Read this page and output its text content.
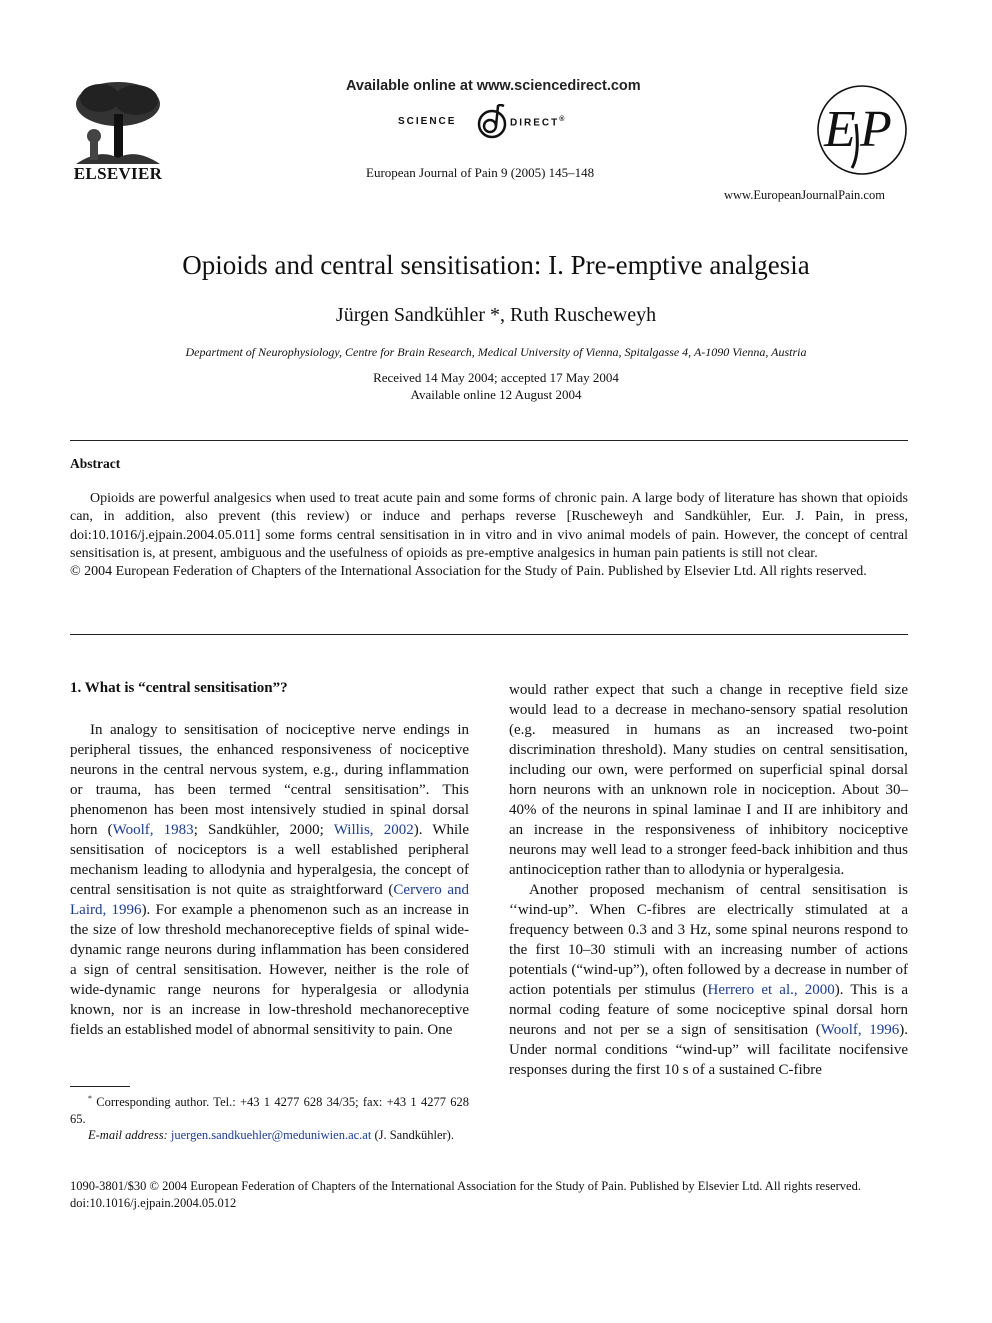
ELSEVIER
Available online at www.sciencedirect.com
SCIENCE	DIRECT®
European Journal of Pain 9 (2005) 145–148
E P
www.EuropeanJournalPain.com
Opioids and central sensitisation: I. Pre-emptive analgesia
Jürgen Sandkühler *, Ruth Ruscheweyh
Department of Neurophysiology, Centre for Brain Research, Medical University of Vienna, Spitalgasse 4, A-1090 Vienna, Austria
Received 14 May 2004; accepted 17 May 2004
Available online 12 August 2004
Abstract

Opioids are powerful analgesics when used to treat acute pain and some forms of chronic pain. A large body of literature has shown that opioids can, in addition, also prevent (this review) or induce and perhaps reverse [Ruscheweyh and Sandkühler, Eur. J. Pain, in press, doi:10.1016/j.ejpain.2004.05.011] some forms central sensitisation in in vitro and in vivo animal models of pain. However, the concept of central sensitisation is, at present, ambiguous and the usefulness of opioids as pre-emptive analgesics in human pain patients is still not clear.

© 2004 European Federation of Chapters of the International Association for the Study of Pain. Published by Elsevier Ltd. All rights reserved.

1. What is “central sensitisation”?

In analogy to sensitisation of nociceptive nerve endings in peripheral tissues, the enhanced responsiveness of nociceptive neurons in the central nervous system, e.g., during inflammation or trauma, has been termed “central sensitisation”. This phenomenon has been most intensively studied in spinal dorsal horn (Woolf, 1983; Sandkühler, 2000; Willis, 2002). While sensitisation of nociceptors is a well established peripheral mechanism leading to allodynia and hyperalgesia, the concept of central sensitisation is not quite as straightforward (Cervero and Laird, 1996). For example a phenomenon such as an increase in the size of low threshold mechanoreceptive fields of spinal wide-dynamic range neurons during inflammation has been considered a sign of central sensitisation. However, neither is the role of wide-dynamic range neurons for hyperalgesia or allodynia known, nor is an increase in low-threshold mechanoreceptive fields an established model of abnormal sensitivity to pain. One

would rather expect that such a change in receptive field size would lead to a decrease in mechano-sensory spatial resolution (e.g. measured in humans as an increased two-point discrimination threshold). Many studies on central sensitisation, including our own, were performed on superficial spinal dorsal horn neurons with an unknown role in nociception. About 30–40% of the neurons in spinal laminae I and II are inhibitory and an increase in the responsiveness of inhibitory nociceptive neurons may well lead to a stronger feed-back inhibition and thus antinociception rather than to allodynia or hyperalgesia.

Another proposed mechanism of central sensitisation is ‘‘wind-up”. When C-fibres are electrically stimulated at a frequency between 0.3 and 3 Hz, some spinal neurons respond to the first 10–30 stimuli with an increasing number of actions potentials (“wind-up”), often followed by a decrease in number of action potentials per stimulus (Herrero et al., 2000). This is a normal coding feature of some nociceptive spinal dorsal horn neurons and not per se a sign of sensitisation (Woolf, 1996). Under normal conditions “wind-up” will facilitate nocifensive responses during the first 10 s of a sustained C-fibre

* Corresponding author. Tel.: +43 1 4277 628 34/35; fax: +43 1 4277 628 65.

E-mail address: juergen.sandkuehler@meduniwien.ac.at (J. Sandkühler).

1090-3801/$30 © 2004 European Federation of Chapters of the International Association for the Study of Pain. Published by Elsevier Ltd. All rights reserved.

doi:10.1016/j.ejpain.2004.05.012
